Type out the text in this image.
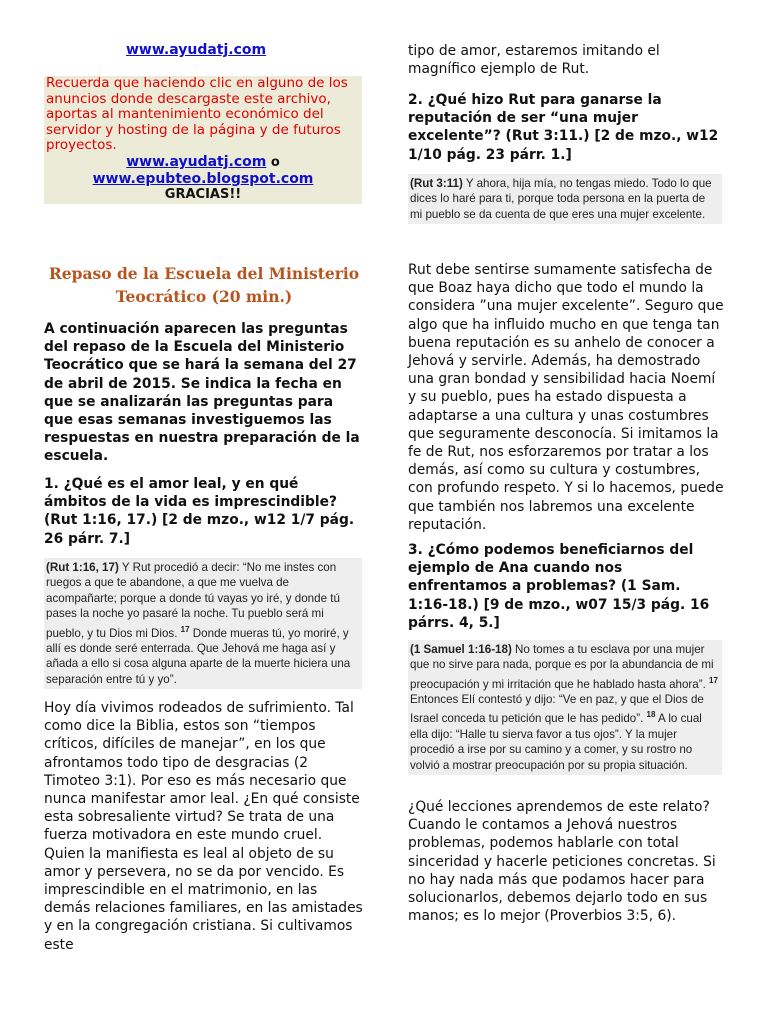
www.ayudatj.com

Recuerda que haciendo clic en alguno de los anuncios donde descargaste este archivo, aportas al mantenimiento económico del servidor y hosting de la página y de futuros proyectos.

www.ayudatj.com o
www.epubteo.blogspot.com
GRACIAS!!
Repaso de la Escuela del Ministerio Teocrático (20 min.)

A continuación aparecen las preguntas del repaso de la Escuela del Ministerio Teocrático que se hará la semana del 27 de abril de 2015. Se indica la fecha en que se analizarán las preguntas para que esas semanas investiguemos las respuestas en nuestra preparación de la escuela.

1. ¿Qué es el amor leal, y en qué ámbitos de la vida es imprescindible? (Rut 1:16, 17.) [2 de mzo., w12 1/7 pág. 26 párr. 7.]

(Rut 1:16, 17) Y Rut procedió a decir: “No me instes con ruegos a que te abandone, a que me vuelva de acompañarte; porque a donde tú vayas yo iré, y donde tú pases la noche yo pasaré la noche. Tu pueblo será mi pueblo, y tu Dios mi Dios. $^{17}$ Donde mueras tú, yo moriré, y allí es donde seré enterrada. Que Jehová me haga así y añada a ello si cosa alguna aparte de la muerte hiciera una separación entre tú y yo”.

Hoy día vivimos rodeados de sufrimiento. Tal como dice la Biblia, estos son “tiempos críticos, difíciles de manejar”, en los que afrontamos todo tipo de desgracias (2 Timoteo 3:1). Por eso es más necesario que nunca manifestar amor leal. ¿En qué consiste esta sobresaliente virtud? Se trata de una fuerza motivadora en este mundo cruel. Quien la manifiesta es leal al objeto de su amor y persevera, no se da por vencido. Es imprescindible en el matrimonio, en las demás relaciones familiares, en las amistades y en la congregación cristiana. Si cultivamos este

tipo de amor, estaremos imitando el magnífico ejemplo de Rut.

2. ¿Qué hizo Rut para ganarse la reputación de ser “una mujer excelente”? (Rut 3:11.) [2 de mzo., w12 1/10 pág. 23 párr. 1.]

(Rut 3:11) Y ahora, hija mía, no tengas miedo. Todo lo que dices lo haré para ti, porque toda persona en la puerta de mi pueblo se da cuenta de que eres una mujer excelente.

Rut debe sentirse sumamente satisfecha de que Boaz haya dicho que todo el mundo la considera ”una mujer excelente”. Seguro que algo que ha influido mucho en que tenga tan buena reputación es su anhelo de conocer a Jehová y servirle. Además, ha demostrado una gran bondad y sensibilidad hacia Noemí y su pueblo, pues ha estado dispuesta a adaptarse a una cultura y unas costumbres que seguramente desconocía. Si imitamos la fe de Rut, nos esforzaremos por tratar a los demás, así como su cultura y costumbres, con profundo respeto. Y si lo hacemos, puede que también nos labremos una excelente reputación.

3. ¿Cómo podemos beneficiarnos del ejemplo de Ana cuando nos enfrentamos a problemas? (1 Sam. 1:16-18.) [9 de mzo., w07 15/3 pág. 16 párrs. 4, 5.]

(1 Samuel 1:16-18) No tomes a tu esclava por una mujer que no sirve para nada, porque es por la abundancia de mi preocupación y mi irritación que he hablado hasta ahora”. $^{17}$ Entonces Elí contestó y dijo: “Ve en paz, y que el Dios de Israel conceda tu petición que le has pedido”. $^{18}$ A lo cual ella dijo: “Halle tu sierva favor a tus ojos”. Y la mujer procedió a irse por su camino y a comer, y su rostro no volvió a mostrar preocupación por su propia situación.

¿Qué lecciones aprendemos de este relato? Cuando le contamos a Jehová nuestros problemas, podemos hablarle con total sinceridad y hacerle peticiones concretas. Si no hay nada más que podamos hacer para solucionarlos, debemos dejarlo todo en sus manos; es lo mejor (Proverbios 3:5, 6).
